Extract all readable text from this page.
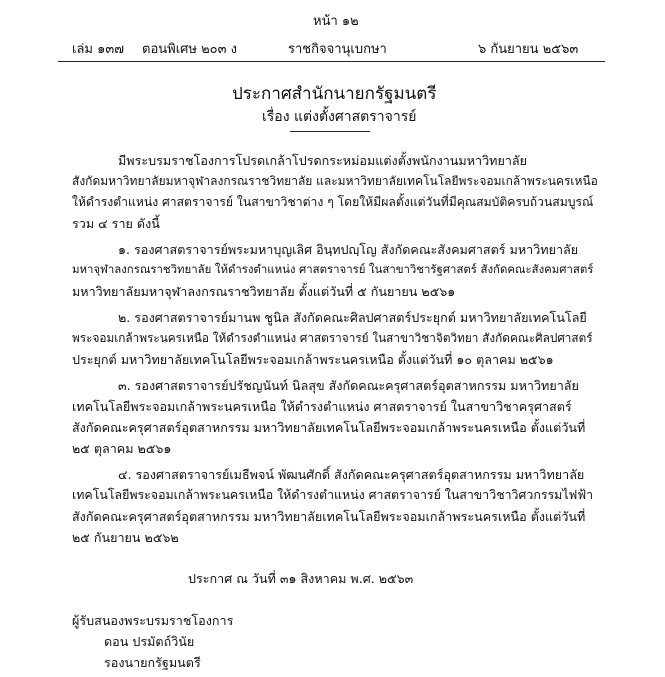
หน้า ๑๒
เล่ม ๑๓๗ ตอนพิเศษ ๒๐๓ ง	ราชกิจจานุเบกษา	๖ กันยายน ๒๕๖๓
ประกาศสำนักนายกรัฐมนตรี
เรื่อง แต่งตั้งศาสตราจารย์
มีพระบรมราชโองการโปรดเกล้าโปรดกระหม่อมแต่งตั้งพนักงานมหาวิทยาลัย
สังกัดมหาวิทยาลัยมหาจุฬาลงกรณราชวิทยาลัย และมหาวิทยาลัยเทคโนโลยีพระจอมเกล้าพระนครเหนือ
ให้ดำรงตำแหน่ง ศาสตราจารย์ ในสาขาวิชาต่าง ๆ โดยให้มีผลตั้งแต่วันที่มีคุณสมบัติครบถ้วนสมบูรณ์
รวม ๔ ราย ดังนี้
๑. รองศาสตราจารย์พระมหาบุญเลิศ อินฺทปญฺโญ สังกัดคณะสังคมศาสตร์ มหาวิทยาลัย
มหาจุฬาลงกรณราชวิทยาลัย ให้ดำรงตำแหน่ง ศาสตราจารย์ ในสาขาวิชารัฐศาสตร์ สังกัดคณะสังคมศาสตร์
มหาวิทยาลัยมหาจุฬาลงกรณราชวิทยาลัย ตั้งแต่วันที่ ๕ กันยายน ๒๕๖๑
๒. รองศาสตราจารย์มานพ ชูนิล สังกัดคณะศิลปศาสตร์ประยุกต์ มหาวิทยาลัยเทคโนโลยี
พระจอมเกล้าพระนครเหนือ ให้ดำรงตำแหน่ง ศาสตราจารย์ ในสาขาวิชาจิตวิทยา สังกัดคณะศิลปศาสตร์
ประยุกต์ มหาวิทยาลัยเทคโนโลยีพระจอมเกล้าพระนครเหนือ ตั้งแต่วันที่ ๑๐ ตุลาคม ๒๕๖๑
๓. รองศาสตราจารย์ปรัชญนันท์ นิลสุข สังกัดคณะครุศาสตร์อุตสาหกรรม มหาวิทยาลัย
เทคโนโลยีพระจอมเกล้าพระนครเหนือ ให้ดำรงตำแหน่ง ศาสตราจารย์ ในสาขาวิชาครุศาสตร์
สังกัดคณะครุศาสตร์อุตสาหกรรม มหาวิทยาลัยเทคโนโลยีพระจอมเกล้าพระนครเหนือ ตั้งแต่วันที่
๒๕ ตุลาคม ๒๕๖๑
๔. รองศาสตราจารย์เมธีพจน์ พัฒนศักดิ์ สังกัดคณะครุศาสตร์อุตสาหกรรม มหาวิทยาลัย
เทคโนโลยีพระจอมเกล้าพระนครเหนือ ให้ดำรงตำแหน่ง ศาสตราจารย์ ในสาขาวิชาวิศวกรรมไฟฟ้า
สังกัดคณะครุศาสตร์อุตสาหกรรม มหาวิทยาลัยเทคโนโลยีพระจอมเกล้าพระนครเหนือ ตั้งแต่วันที่
๒๕ กันยายน ๒๕๖๒
ประกาศ ณ วันที่ ๓๑ สิงหาคม พ.ศ. ๒๕๖๓
ผู้รับสนองพระบรมราชโองการ
ดอน ปรมัตถ์วินัย
รองนายกรัฐมนตรี
